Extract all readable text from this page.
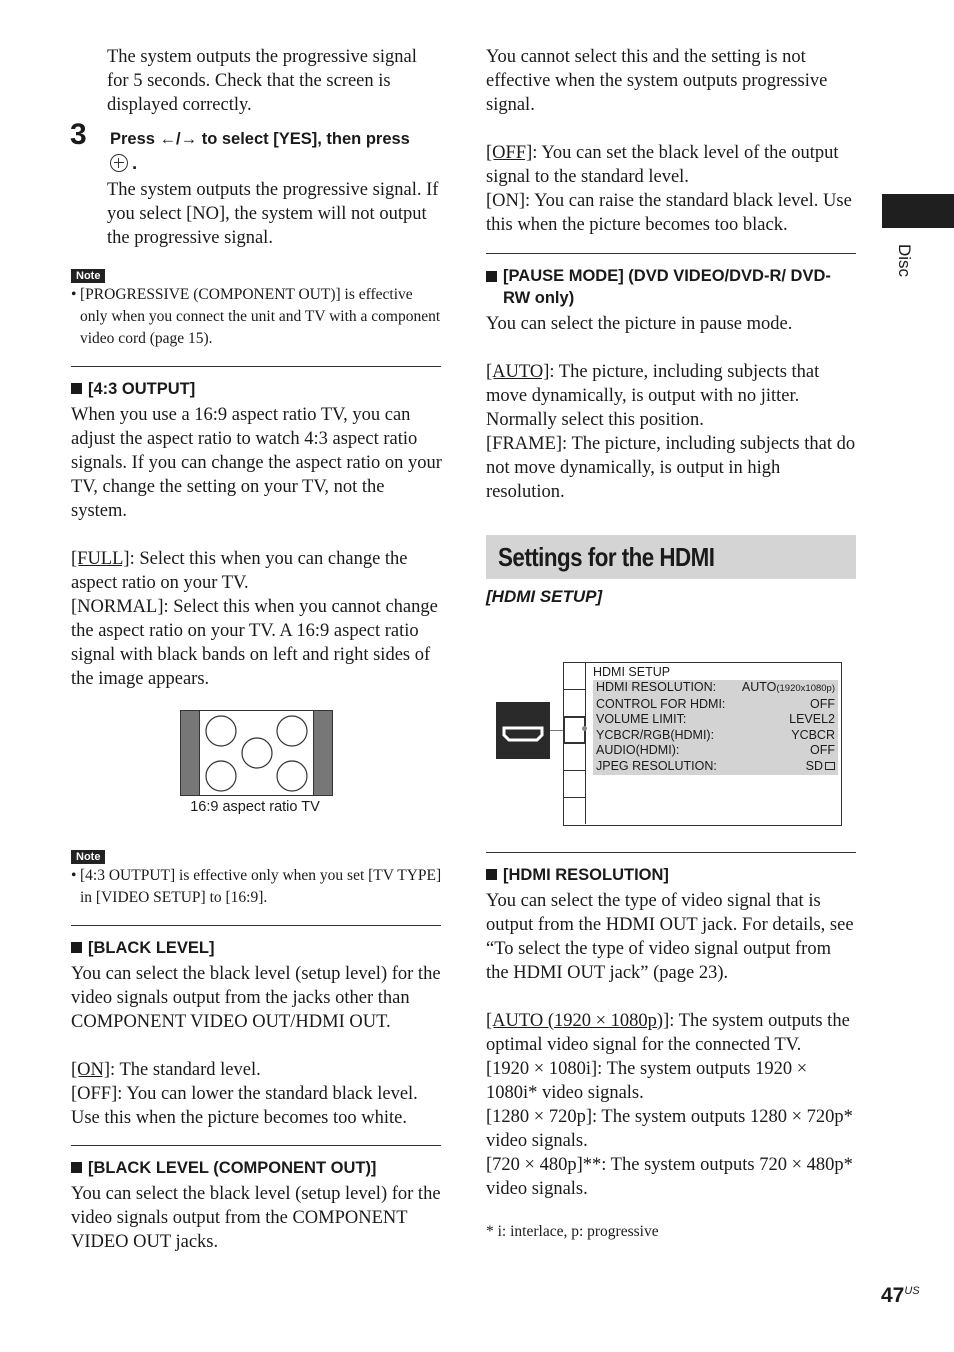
The system outputs the progressive signal for 5 seconds. Check that the screen is displayed correctly.

3 Press ←/→ to select [YES], then press

.

The system outputs the progressive signal. If you select [NO], the system will not output the progressive signal.

Note
• [PROGRESSIVE (COMPONENT OUT)] is effective only when you connect the unit and TV with a component video cord (page 15).

[4:3 OUTPUT]

When you use a 16:9 aspect ratio TV, you can adjust the aspect ratio to watch 4:3 aspect ratio signals. If you can change the aspect ratio on your TV, change the setting on your TV, not the system.

[FULL]: Select this when you can change the aspect ratio on your TV.

[NORMAL]: Select this when you cannot change the aspect ratio on your TV. A 16:9 aspect ratio signal with black bands on left and right sides of the image appears.

16:9 aspect ratio TV
Note
• [4:3 OUTPUT] is effective only when you set [TV TYPE] in [VIDEO SETUP] to [16:9].

[BLACK LEVEL]

You can select the black level (setup level) for the video signals output from the jacks other than COMPONENT VIDEO OUT/HDMI OUT.

[ON]: The standard level.

[OFF]: You can lower the standard black level. Use this when the picture becomes too white.

[BLACK LEVEL (COMPONENT OUT)]

You can select the black level (setup level) for the video signals output from the COMPONENT VIDEO OUT jacks.

You cannot select this and the setting is not effective when the system outputs progressive signal.

[OFF]: You can set the black level of the output signal to the standard level.

[ON]: You can raise the standard black level. Use this when the picture becomes too black.

[PAUSE MODE] (DVD VIDEO/DVD-R/ DVD-RW only)

You can select the picture in pause mode.

[AUTO]: The picture, including subjects that move dynamically, is output with no jitter. Normally select this position.

[FRAME]: The picture, including subjects that do not move dynamically, is output in high resolution.

Settings for the HDMI
[HDMI SETUP]
HDMI SETUP
HDMI RESOLUTION: AUTO(1920x1080p)
CONTROL FOR HDMI:	OFF
VOLUME LIMIT:	LEVEL2
YCBCR/RGB(HDMI):	YCBCR
AUDIO(HDMI):	OFF
JPEG RESOLUTION:	SD

[HDMI RESOLUTION]

You can select the type of video signal that is output from the HDMI OUT jack. For details, see “To select the type of video signal output from the HDMI OUT jack” (page 23).

[AUTO (1920 × 1080p)]: The system outputs the optimal video signal for the connected TV.

[1920 × 1080i]: The system outputs 1920 × 1080i* video signals.

[1280 × 720p]: The system outputs 1280 × 720p* video signals.

[720 × 480p]**: The system outputs 720 × 480p* video signals.

* i: interlace, p: progressive
Disc
$47^{US}$
